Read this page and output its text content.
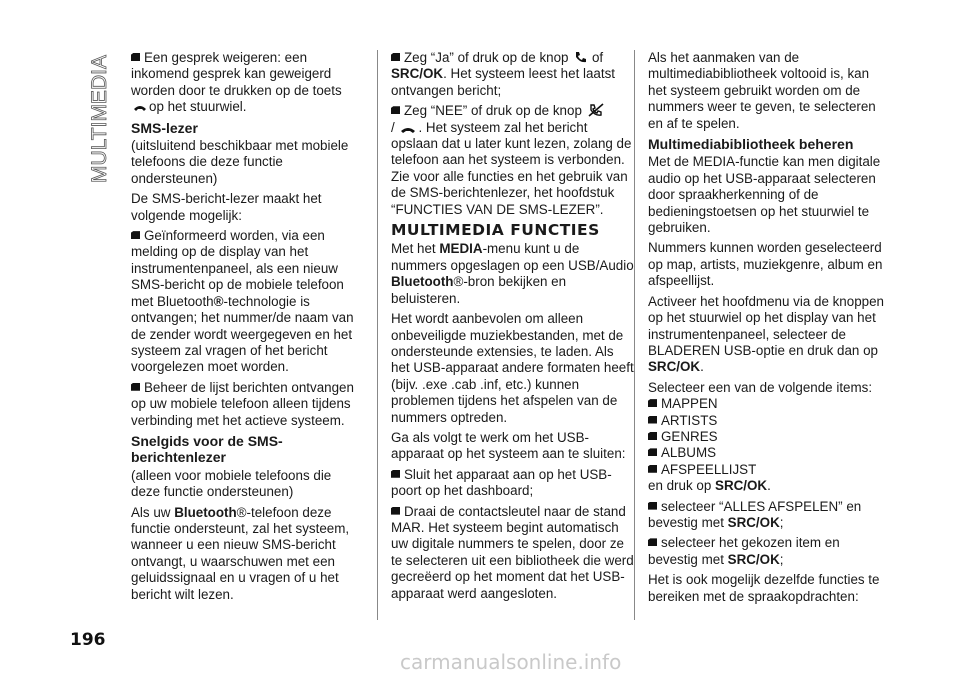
MULTIMEDIA	Een gesprek weigeren: een inkomend gesprek kan geweigerd worden door te drukken op de toets
op het stuurwiel.

SMS-lezer

(uitsluitend beschikbaar met mobiele telefoons die deze functie ondersteunen)

De SMS-bericht-lezer maakt het volgende mogelijk:

Geïnformeerd worden, via een melding op de display van het instrumentenpaneel, als een nieuw SMS-bericht op de mobiele telefoon met Bluetooth®-technologie is ontvangen; het nummer/de naam van de zender wordt weergegeven en het systeem zal vragen of het bericht voorgelezen moet worden.

Beheer de lijst berichten ontvangen op uw mobiele telefoon alleen tijdens verbinding met het actieve systeem.

Snelgids voor de SMS-berichtenlezer

(alleen voor mobiele telefoons die deze functie ondersteunen)

Als uw Bluetooth®-telefoon deze functie ondersteunt, zal het systeem, wanneer u een nieuw SMS-bericht ontvangt, u waarschuwen met een geluidssignaal en u vragen of u het bericht wilt lezen.

Zeg “Ja” of druk op de knop of
SRC/OK. Het systeem leest het laatst ontvangen bericht;

Zeg “NEE” of druk op de knop
/ . Het systeem zal het bericht opslaan dat u later kunt lezen, zolang de telefoon aan het systeem is verbonden. Zie voor alle functies en het gebruik van de SMS-berichtenlezer, het hoofdstuk “FUNCTIES VAN DE SMS-LEZER”.

MULTIMEDIA FUNCTIES

Met het MEDIA-menu kunt u de nummers opgeslagen op een USB/Audio Bluetooth®-bron bekijken en beluisteren.

Het wordt aanbevolen om alleen onbeveiligde muziekbestanden, met de ondersteunde extensies, te laden. Als het USB-apparaat andere formaten heeft (bijv. .exe .cab .inf, etc.) kunnen problemen tijdens het afspelen van de nummers optreden.

Ga als volgt te werk om het USB-apparaat op het systeem aan te sluiten:

Sluit het apparaat aan op het USB-poort op het dashboard;

Draai de contactsleutel naar de stand MAR. Het systeem begint automatisch uw digitale nummers te spelen, door ze te selecteren uit een bibliotheek die werd gecreëerd op het moment dat het USB-apparaat werd aangesloten.

Als het aanmaken van de multimediabibliotheek voltooid is, kan het systeem gebruikt worden om de nummers weer te geven, te selecteren en af te spelen.

Multimediabibliotheek beheren

Met de MEDIA-functie kan men digitale audio op het USB-apparaat selecteren door spraakherkenning of de bedieningstoetsen op het stuurwiel te gebruiken.

Nummers kunnen worden geselecteerd op map, artists, muziekgenre, album en afspeellijst.

Activeer het hoofdmenu via de knoppen op het stuurwiel op het display van het instrumentenpaneel, selecteer de BLADEREN USB-optie en druk dan op SRC/OK.

Selecteer een van de volgende items:

MAPPEN
ARTISTS
GENRES
ALBUMS
AFSPEELLIJST

en druk op SRC/OK.

selecteer “ALLES AFSPELEN” en bevestig met SRC/OK;

selecteer het gekozen item en bevestig met SRC/OK;

Het is ook mogelijk dezelfde functies te bereiken met de spraakopdrachten:

196
carmanualsonline.info
